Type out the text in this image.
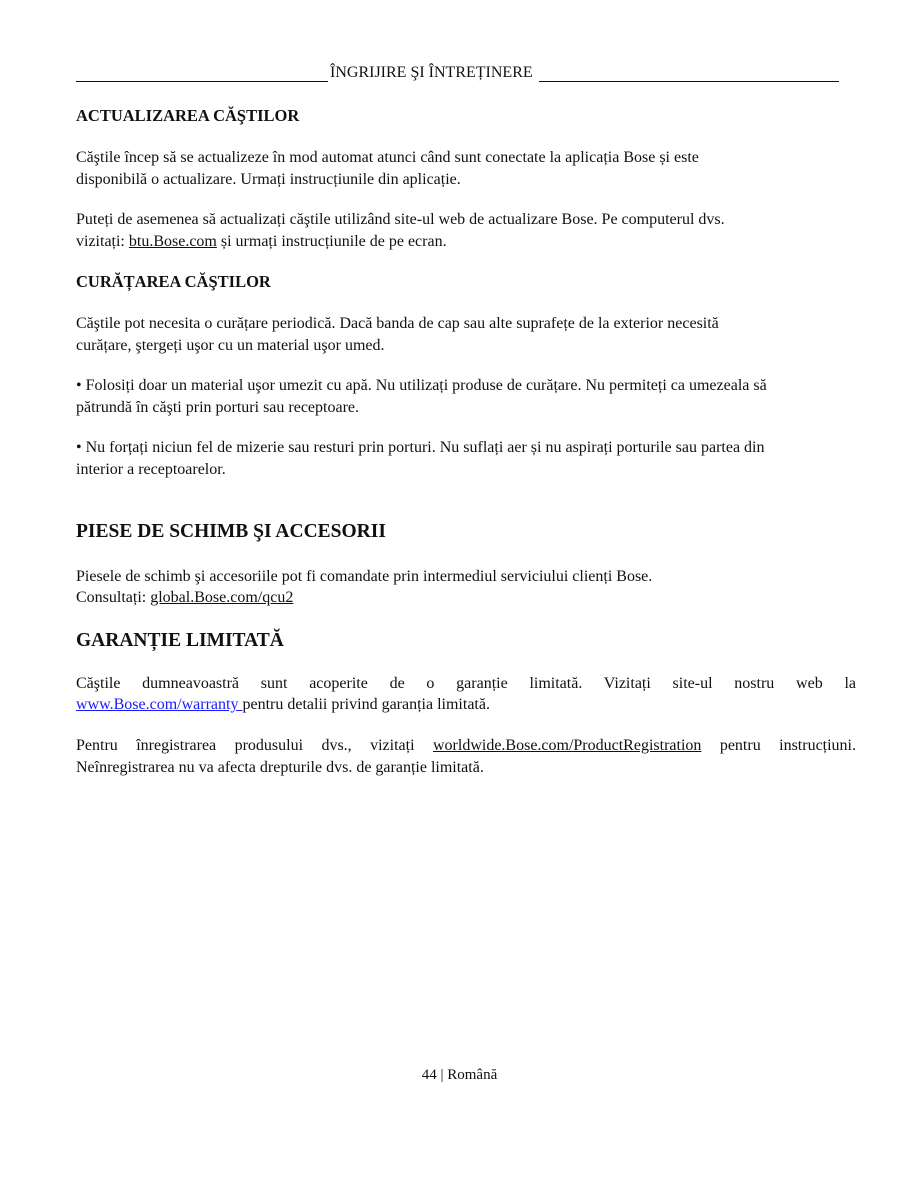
ÎNGRIJIRE ŞI ÎNTREȚINERE
ACTUALIZAREA CĂŞTILOR
Căştile încep să se actualizeze în mod automat atunci când sunt conectate la aplicația Bose și este
disponibilă o actualizare. Urmați instrucțiunile din aplicație.
Puteți de asemenea să actualizați căştile utilizând site-ul web de actualizare Bose. Pe computerul dvs.
vizitați: btu.Bose.com și urmați instrucțiunile de pe ecran.
CURĂȚAREA CĂŞTILOR
Căştile pot necesita o curățare periodică. Dacă banda de cap sau alte suprafețe de la exterior necesită
curățare, ştergeți uşor cu un material uşor umed.
• Folosiți doar un material uşor umezit cu apă. Nu utilizați produse de curățare. Nu permiteți ca umezeala să
pătrundă în căşti prin porturi sau receptoare.
• Nu forțați niciun fel de mizerie sau resturi prin porturi. Nu suflați aer și nu aspirați porturile sau partea din
interior a receptoarelor.
PIESE DE SCHIMB ŞI ACCESORII
Piesele de schimb şi accesoriile pot fi comandate prin intermediul serviciului clienți Bose.
Consultați: global.Bose.com/qcu2
GARANȚIE LIMITATĂ
Căştile dumneavoastră sunt acoperite de o garanție limitată. Vizitați site-ul nostru web la
www.Bose.com/warranty pentru detalii privind garanția limitată.
Pentru înregistrarea produsului dvs., vizitați worldwide.Bose.com/ProductRegistration pentru instrucțiuni.
Neînregistrarea nu va afecta drepturile dvs. de garanție limitată.
44 | Română
